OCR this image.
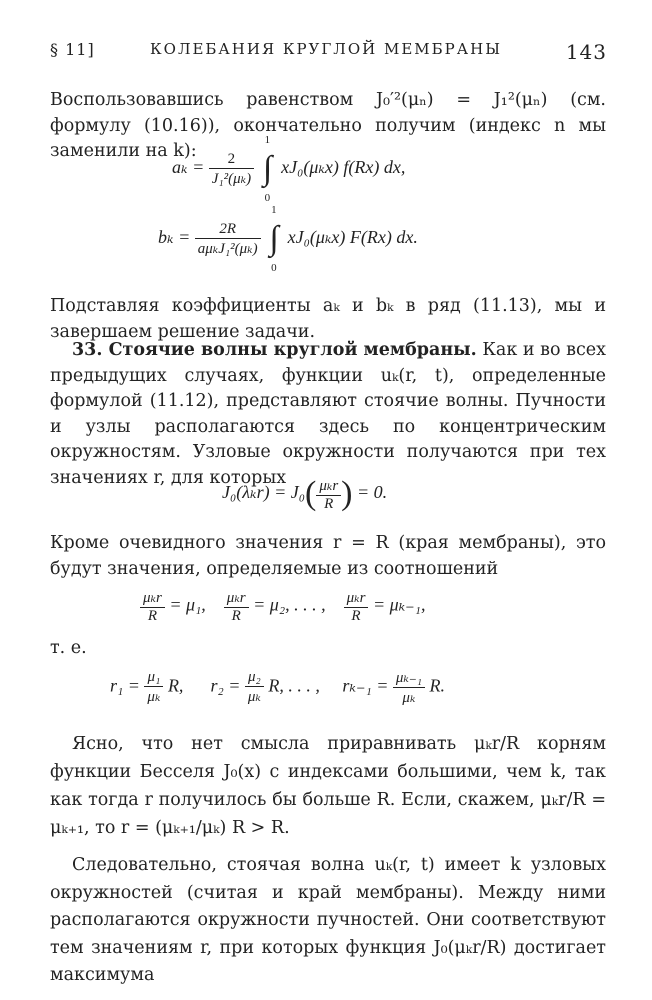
§ 11]	КОЛЕБАНИЯ КРУГЛОЙ МЕМБРАНЫ	143
Воспользовавшись равенством J₀′²(μₙ) = J₁²(μₙ) (см. формулу (10.16)), окончательно получим (индекс n мы заменили на k):
$a_k = \frac{2}{\text{J₁²(μₖ)}}$ ∫
1
0
xJ₀(μₖx) f(Rx) dx,
$b_k = \frac{2R}{\text{aμₖJ₁²(μₖ)}}$ ∫
1
0
xJ₀(μₖx) F(Rx) dx.
Подставляя коэффициенты aₖ и bₖ в ряд (11.13), мы и завершаем решение задачи.
33. Стоячие волны круглой мембраны. Как и во всех предыдущих случаях, функции uₖ(r, t), определенные формулой (11.12), представляют стоячие волны. Пучности и узлы располагаются здесь по концентрическим окружностям. Узловые окружности получаются при тех значениях r, для которых
$J_0(\lambda_kr) = J_0( \frac{\text{μₖr}}{R}$ ) = 0.
Кроме очевидного значения r = R (края мембраны), это будут значения, определяемые из соотношений
$\frac{\text{μₖr}}{R} = \mu_1$, $\frac{\text{μₖr}}{R} = \mu_2$, . . . , $\frac{\text{μₖr}}{R} = \mu_{k-1}$,
т. е.
$r_1 = \frac{\text{μ₁}}{\text{μₖ}} R$, $r_2 = \frac{\text{μ₂}}{\text{μₖ}} R$, . . . , $r_{k-1} = \frac{\text{μₖ₋₁}}{\text{μₖ}} R$.
Ясно, что нет смысла приравнивать μₖr/R корням функции Бесселя J₀(x) с индексами большими, чем k, так как тогда r получилось бы больше R. Если, скажем, μₖr/R = μₖ₊₁, то r = (μₖ₊₁/μₖ) R > R.
Следовательно, стоячая волна uₖ(r, t) имеет k узловых окружностей (считая и край мембраны). Между ними располагаются окружности пучностей. Они соответствуют тем значениям r, при которых функция J₀(μₖr/R) достигает максимума
